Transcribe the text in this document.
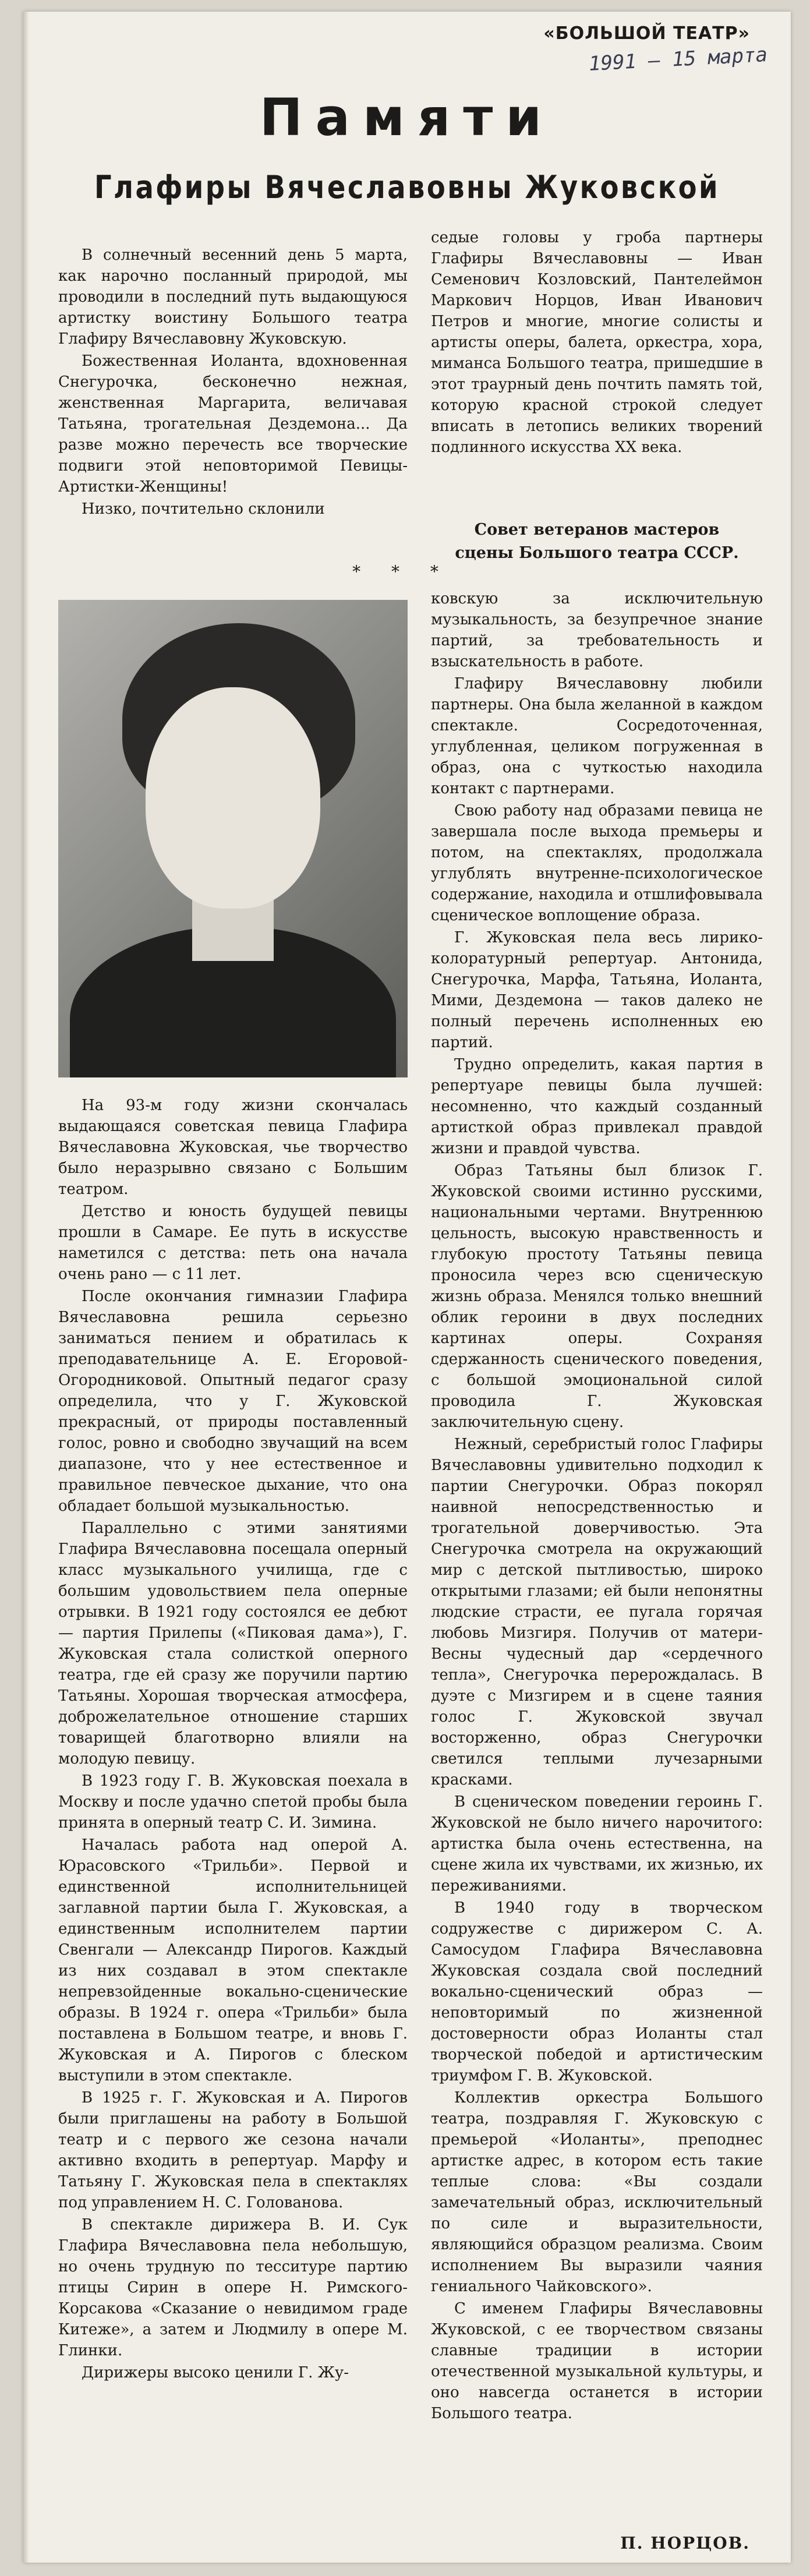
«БОЛЬШОЙ ТЕАТР»
1991 — 15 марта
Памяти
Глафиры Вячеславовны Жуковской

В солнечный весенний день 5 марта, как нарочно посланный природой, мы проводили в последний путь выдающуюся артистку воистину Большого театра Глафиру Вячеславовну Жуковскую.

Божественная Иоланта, вдохновенная Снегурочка, бесконечно нежная, женственная Маргарита, величавая Татьяна, трогательная Дездемона... Да разве можно перечесть все творческие подвиги этой неповторимой Певицы-Артистки-Женщины!

Низко, почтительно склонили

седые головы у гроба партнеры Глафиры Вячеславовны — Иван Семенович Козловский, Пантелеймон Маркович Норцов, Иван Иванович Петров и многие, многие солисты и артисты оперы, балета, оркестра, хора, миманса Большого театра, пришедшие в этот траурный день почтить память той, которую красной строкой следует вписать в летопись великих творений подлинного искусства XX века.

Совет ветеранов мастеров
сцены Большого театра СССР.
* * *

На 93-м году жизни скончалась выдающаяся советская певица Глафира Вячеславовна Жуковская, чье творчество было неразрывно связано с Большим театром.

Детство и юность будущей певицы прошли в Самаре. Ее путь в искусстве наметился с детства: петь она начала очень рано — с 11 лет.

После окончания гимназии Глафира Вячеславовна решила серьезно заниматься пением и обратилась к преподавательнице А. Е. Егоровой-Огородниковой. Опытный педагог сразу определила, что у Г. Жуковской прекрасный, от природы поставленный голос, ровно и свободно звучащий на всем диапазоне, что у нее естественное и правильное певческое дыхание, что она обладает большой музыкальностью.

Параллельно с этими занятиями Глафира Вячеславовна посещала оперный класс музыкального училища, где с большим удовольствием пела оперные отрывки. В 1921 году состоялся ее дебют — партия Прилепы («Пиковая дама»), Г. Жуковская стала солисткой оперного театра, где ей сразу же поручили партию Татьяны. Хорошая творческая атмосфера, доброжелательное отношение старших товарищей благотворно влияли на молодую певицу.

В 1923 году Г. В. Жуковская поехала в Москву и после удачно спетой пробы была принята в оперный театр С. И. Зимина.

Началась работа над оперой А. Юрасовского «Трильби». Первой и единственной исполнительницей заглавной партии была Г. Жуковская, а единственным исполнителем партии Свенгали — Александр Пирогов. Каждый из них создавал в этом спектакле непревзойденные вокально-сценические образы. В 1924 г. опера «Трильби» была поставлена в Большом театре, и вновь Г. Жуковская и А. Пирогов с блеском выступили в этом спектакле.

В 1925 г. Г. Жуковская и А. Пирогов были приглашены на работу в Большой театр и с первого же сезона начали активно входить в репертуар. Марфу и Татьяну Г. Жуковская пела в спектаклях под управлением Н. С. Голованова.

В спектакле дирижера В. И. Сук Глафира Вячеславовна пела небольшую, но очень трудную по тесситуре партию птицы Сирин в опере Н. Римского-Корсакова «Сказание о невидимом граде Китеже», а затем и Людмилу в опере М. Глинки.

Дирижеры высоко ценили Г. Жу-

ковскую за исключительную музыкальность, за безупречное знание партий, за требовательность и взыскательность в работе.

Глафиру Вячеславовну любили партнеры. Она была желанной в каждом спектакле. Сосредоточенная, углубленная, целиком погруженная в образ, она с чуткостью находила контакт с партнерами.

Свою работу над образами певица не завершала после выхода премьеры и потом, на спектаклях, продолжала углублять внутренне-психологическое содержание, находила и отшлифовывала сценическое воплощение образа.

Г. Жуковская пела весь лирико-колоратурный репертуар. Антонида, Снегурочка, Марфа, Татьяна, Иоланта, Мими, Дездемона — таков далеко не полный перечень исполненных ею партий.

Трудно определить, какая партия в репертуаре певицы была лучшей: несомненно, что каждый созданный артисткой образ привлекал правдой жизни и правдой чувства.

Образ Татьяны был близок Г. Жуковской своими истинно русскими, национальными чертами. Внутреннюю цельность, высокую нравственность и глубокую простоту Татьяны певица проносила через всю сценическую жизнь образа. Менялся только внешний облик героини в двух последних картинах оперы. Сохраняя сдержанность сценического поведения, с большой эмоциональной силой проводила Г. Жуковская заключительную сцену.

Нежный, серебристый голос Глафиры Вячеславовны удивительно подходил к партии Снегурочки. Образ покорял наивной непосредственностью и трогательной доверчивостью. Эта Снегурочка смотрела на окружающий мир с детской пытливостью, широко открытыми глазами; ей были непонятны людские страсти, ее пугала горячая любовь Мизгиря. Получив от матери-Весны чудесный дар «сердечного тепла», Снегурочка перерождалась. В дуэте с Мизгирем и в сцене таяния голос Г. Жуковской звучал восторженно, образ Снегурочки светился теплыми лучезарными красками.

В сценическом поведении героинь Г. Жуковской не было ничего нарочитого: артистка была очень естественна, на сцене жила их чувствами, их жизнью, их переживаниями.

В 1940 году в творческом содружестве с дирижером С. А. Самосудом Глафира Вячеславовна Жуковская создала свой последний вокально-сценический образ — неповторимый по жизненной достоверности образ Иоланты стал творческой победой и артистическим триумфом Г. В. Жуковской.

Коллектив оркестра Большого театра, поздравляя Г. Жуковскую с премьерой «Иоланты», преподнес артистке адрес, в котором есть такие теплые слова: «Вы создали замечательный образ, исключительный по силе и выразительности, являющийся образцом реализма. Своим исполнением Вы выразили чаяния гениального Чайковского».

С именем Глафиры Вячеславовны Жуковской, с ее творчеством связаны славные традиции в истории отечественной музыкальной культуры, и оно навсегда останется в истории Большого театра.

П. НОРЦОВ.
